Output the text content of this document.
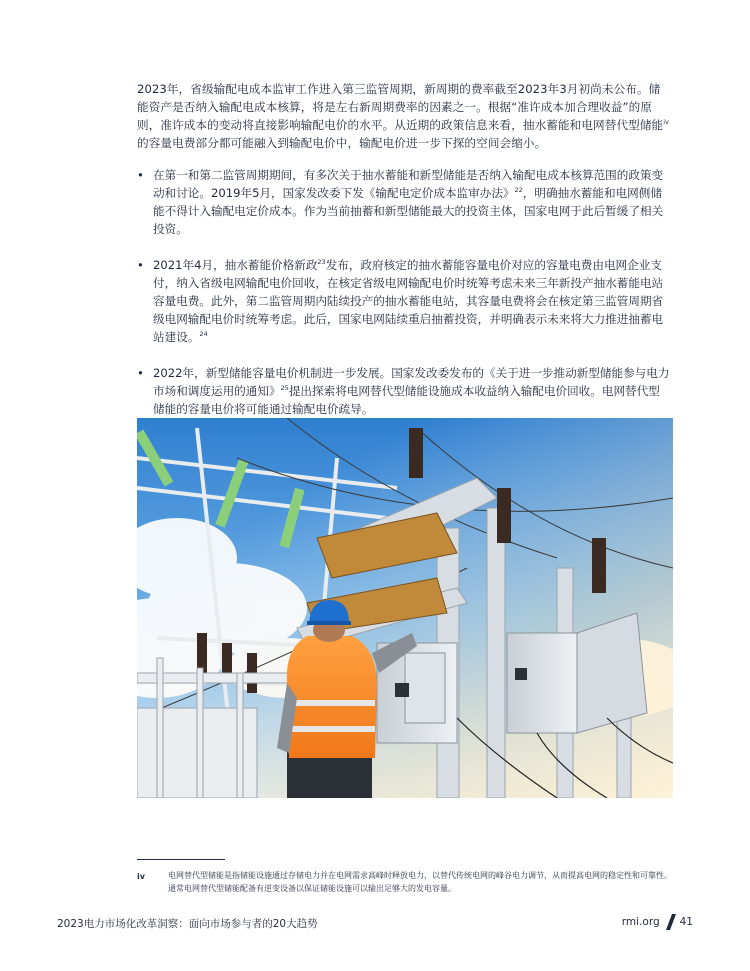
2023年，省级输配电成本监审工作进入第三监管周期，新周期的费率截至2023年3月初尚未公布。储能资产是否纳入输配电成本核算，将是左右新周期费率的因素之一。根据“准许成本加合理收益”的原则，准许成本的变动将直接影响输配电价的水平。从近期的政策信息来看，抽水蓄能和电网替代型储能$^{iv}$的容量电费部分都可能融入到输配电价中，输配电价进一步下探的空间会缩小。

• 在第一和第二监管周期期间，有多次关于抽水蓄能和新型储能是否纳入输配电成本核算范围的政策变动和讨论。2019年5月，国家发改委下发《输配电定价成本监审办法》$^{22}$，明确抽水蓄能和电网侧储能不得计入输配电定价成本。作为当前抽蓄和新型储能最大的投资主体，国家电网于此后暂缓了相关投资。
• 2021年4月，抽水蓄能价格新政$^{23}$发布，政府核定的抽水蓄能容量电价对应的容量电费由电网企业支付，纳入省级电网输配电价回收，在核定省级电网输配电价时统筹考虑未来三年新投产抽水蓄能电站容量电费。此外，第二监管周期内陆续投产的抽水蓄能电站，其容量电费将会在核定第三监管周期省级电网输配电价时统筹考虑。此后，国家电网陆续重启抽蓄投资，并明确表示未来将大力推进抽蓄电站建设。$^{24}$
• 2022年，新型储能容量电价机制进一步发展。国家发改委发布的《关于进一步推动新型储能参与电力市场和调度运用的通知》$^{25}$提出探索将电网替代型储能设施成本收益纳入输配电价回收。电网替代型储能的容量电价将可能通过输配电价疏导。
iv	电网替代型储能是指储能设施通过存储电力并在电网需求高峰时释放电力，以替代传统电网的峰谷电力调节，从而提高电网的稳定性和可靠性。通常电网替代型储能配备有逆变设备以保证储能设施可以输出足够大的发电容量。

2023电力市场化改革洞察：面向市场参与者的20大趋势	rmi.org 41
